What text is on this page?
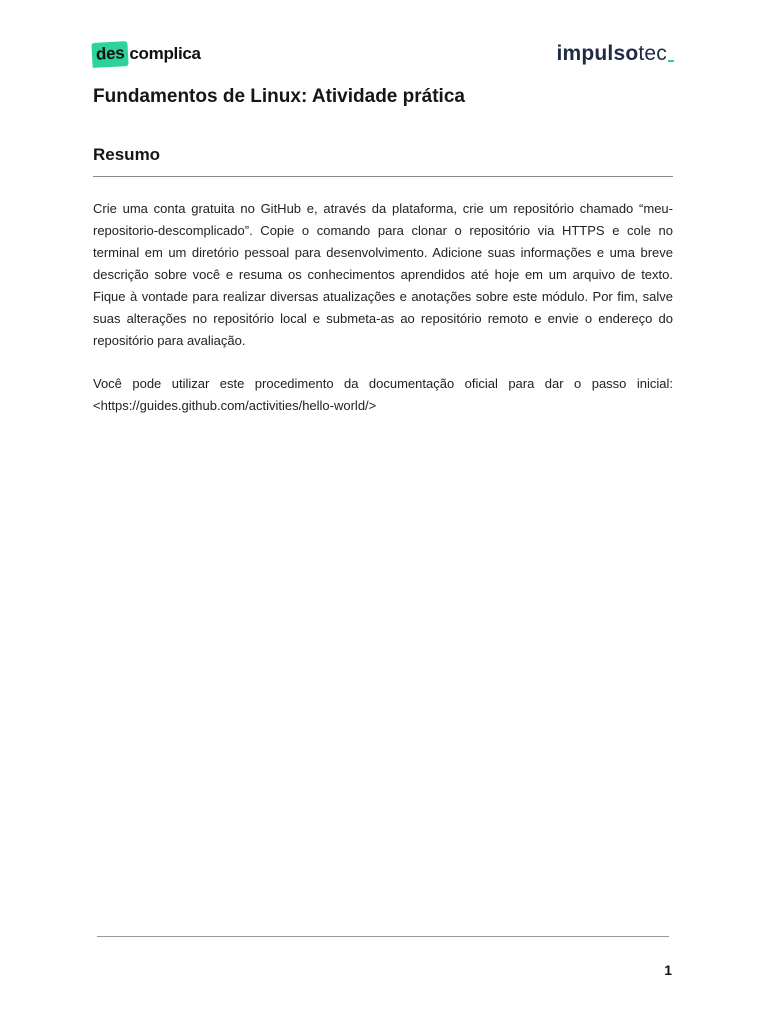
des complica	impulso tec
Fundamentos de Linux: Atividade prática
Resumo

Crie uma conta gratuita no GitHub e, através da plataforma, crie um repositório chamado “meu-repositorio-descomplicado”. Copie o comando para clonar o repositório via HTTPS e cole no terminal em um diretório pessoal para desenvolvimento. Adicione suas informações e uma breve descrição sobre você e resuma os conhecimentos aprendidos até hoje em um arquivo de texto. Fique à vontade para realizar diversas atualizações e anotações sobre este módulo. Por fim, salve suas alterações no repositório local e submeta-as ao repositório remoto e envie o endereço do repositório para avaliação.

Você pode utilizar este procedimento da documentação oficial para dar o passo inicial: <https://guides.github.com/activities/hello-world/>

1
